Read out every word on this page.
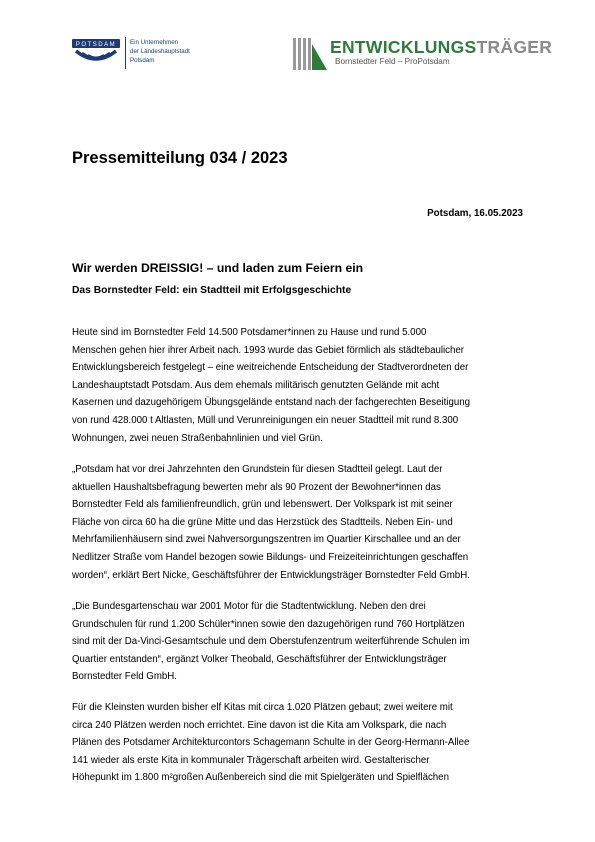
POTSDAM Ein Unternehmen
der Landeshauptstadt
Potsdam
ENTWICKLUNGSTRÄGER
Bornstedter Feld – ProPotsdam
Pressemitteilung 034 / 2023
Potsdam, 16.05.2023
Wir werden DREISSIG! – und laden zum Feiern ein
Das Bornstedter Feld: ein Stadtteil mit Erfolgsgeschichte
Heute sind im Bornstedter Feld 14.500 Potsdamer*innen zu Hause und rund 5.000
Menschen gehen hier ihrer Arbeit nach. 1993 wurde das Gebiet förmlich als städtebaulicher
Entwicklungsbereich festgelegt – eine weitreichende Entscheidung der Stadtverordneten der
Landeshauptstadt Potsdam. Aus dem ehemals militärisch genutzten Gelände mit acht
Kasernen und dazugehörigem Übungsgelände entstand nach der fachgerechten Beseitigung
von rund 428.000 t Altlasten, Müll und Verunreinigungen ein neuer Stadtteil mit rund 8.300
Wohnungen, zwei neuen Straßenbahnlinien und viel Grün.
„Potsdam hat vor drei Jahrzehnten den Grundstein für diesen Stadtteil gelegt. Laut der
aktuellen Haushaltsbefragung bewerten mehr als 90 Prozent der Bewohner*innen das
Bornstedter Feld als familienfreundlich, grün und lebenswert. Der Volkspark ist mit seiner
Fläche von circa 60 ha die grüne Mitte und das Herzstück des Stadtteils. Neben Ein- und
Mehrfamilienhäusern sind zwei Nahversorgungszentren im Quartier Kirschallee und an der
Nedlitzer Straße vom Handel bezogen sowie Bildungs- und Freizeiteinrichtungen geschaffen
worden“, erklärt Bert Nicke, Geschäftsführer der Entwicklungsträger Bornstedter Feld GmbH.
„Die Bundesgartenschau war 2001 Motor für die Stadtentwicklung. Neben den drei
Grundschulen für rund 1.200 Schüler*innen sowie den dazugehörigen rund 760 Hortplätzen
sind mit der Da-Vinci-Gesamtschule und dem Oberstufenzentrum weiterführende Schulen im
Quartier entstanden“, ergänzt Volker Theobald, Geschäftsführer der Entwicklungsträger
Bornstedter Feld GmbH.
Für die Kleinsten wurden bisher elf Kitas mit circa 1.020 Plätzen gebaut; zwei weitere mit
circa 240 Plätzen werden noch errichtet. Eine davon ist die Kita am Volkspark, die nach
Plänen des Potsdamer Architekturcontors Schagemann Schulte in der Georg-Hermann-Allee
141 wieder als erste Kita in kommunaler Trägerschaft arbeiten wird. Gestalterischer
Höhepunkt im 1.800 m²großen Außenbereich sind die mit Spielgeräten und Spielflächen
